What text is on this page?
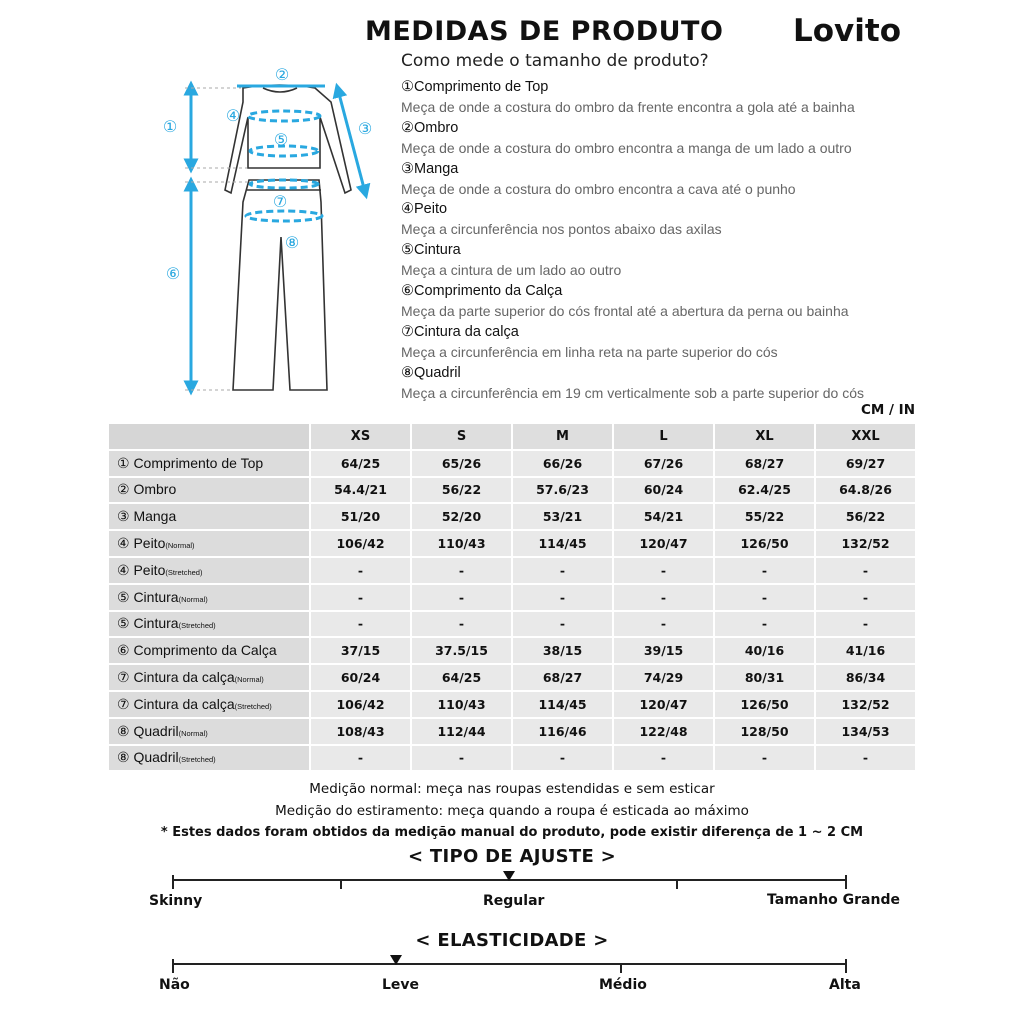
MEDIDAS DE PRODUTO Lovito
Como mede o tamanho de produto?
①
②
③
④
⑤
⑥
⑦
⑧
①Comprimento de Top
Meça de onde a costura do ombro da frente encontra a gola até a bainha
②Ombro
Meça de onde a costura do ombro encontra a manga de um lado a outro
③Manga
Meça de onde a costura do ombro encontra a cava até o punho
④Peito
Meça a circunferência nos pontos abaixo das axilas
⑤Cintura
Meça a cintura de um lado ao outro
⑥Comprimento da Calça
Meça da parte superior do cós frontal até a abertura da perna ou bainha
⑦Cintura da calça
Meça a circunferência em linha reta na parte superior do cós
⑧Quadril
Meça a circunferência em 19 cm verticalmente sob a parte superior do cós
CM / IN
	XS	S	M	L	XL	XXL
① Comprimento de Top	64/25	65/26	66/26	67/26	68/27	69/27
② Ombro	54.4/21	56/22	57.6/23	60/24	62.4/25	64.8/26
③ Manga	51/20	52/20	53/21	54/21	55/22	56/22
④ Peito(Normal)	106/42	110/43	114/45	120/47	126/50	132/52
④ Peito(Stretched)	-	-	-	-	-	-
⑤ Cintura(Normal)	-	-	-	-	-	-
⑤ Cintura(Stretched)	-	-	-	-	-	-
⑥ Comprimento da Calça	37/15	37.5/15	38/15	39/15	40/16	41/16
⑦ Cintura da calça(Normal)	60/24	64/25	68/27	74/29	80/31	86/34
⑦ Cintura da calça(Stretched)	106/42	110/43	114/45	120/47	126/50	132/52
⑧ Quadril(Normal)	108/43	112/44	116/46	122/48	128/50	134/53
⑧ Quadril(Stretched)	-	-	-	-	-	-
Medição normal: meça nas roupas estendidas e sem esticar
Medição do estiramento: meça quando a roupa é esticada ao máximo
* Estes dados foram obtidos da medição manual do produto, pode existir diferença de 1 ~ 2 CM
< TIPO DE AJUSTE >
Skinny	Regular	Tamanho Grande
< ELASTICIDADE >
Não	Leve	Médio	Alta
